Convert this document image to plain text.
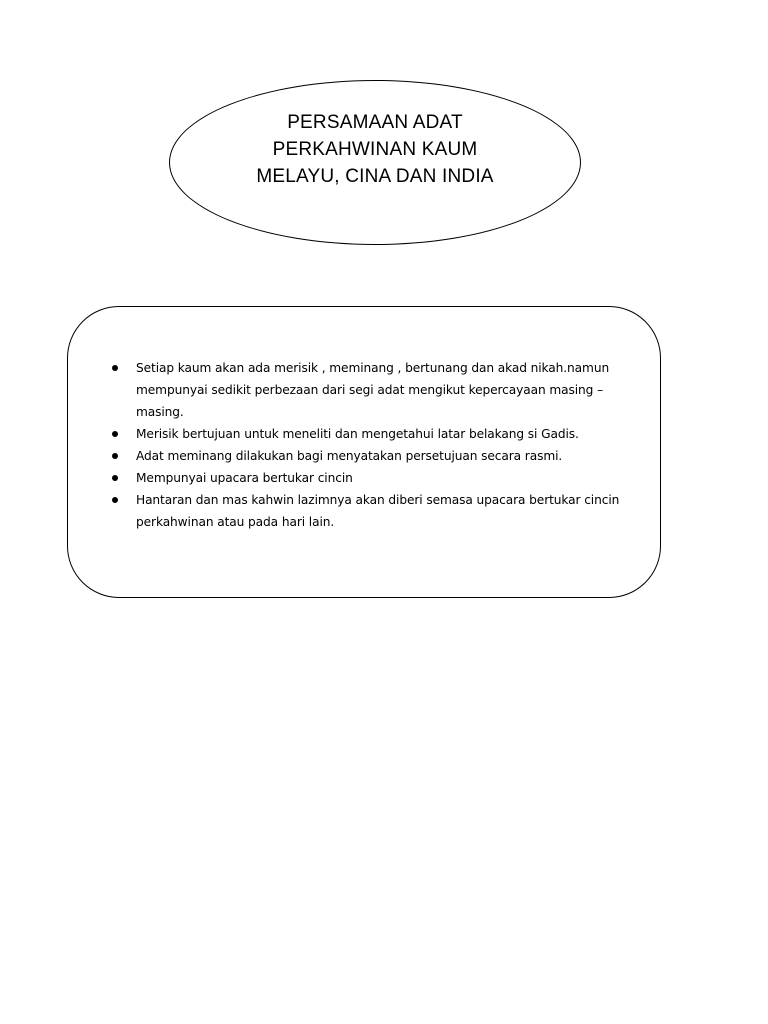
PERSAMAAN ADAT
PERKAHWINAN KAUM
MELAYU, CINA DAN INDIA
Setiap kaum akan ada merisik , meminang , bertunang dan akad nikah.namun mempunyai sedikit perbezaan dari segi adat mengikut kepercayaan masing – masing.
Merisik bertujuan untuk meneliti dan mengetahui latar belakang si Gadis.
Adat meminang dilakukan bagi menyatakan persetujuan secara rasmi.
Mempunyai upacara bertukar cincin
Hantaran dan mas kahwin lazimnya akan diberi semasa upacara bertukar cincin perkahwinan atau pada hari lain.
